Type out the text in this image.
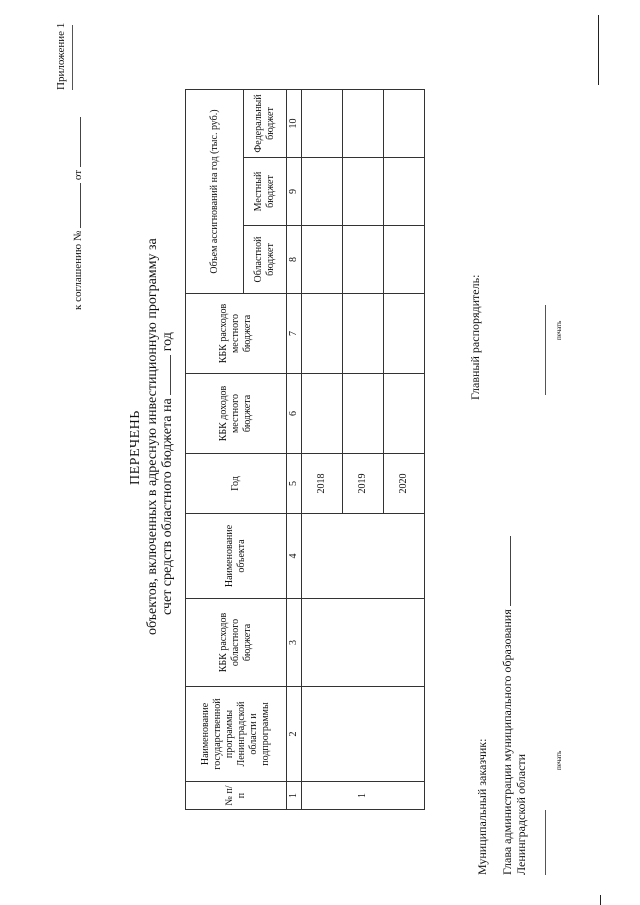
Приложение 1
к соглашению №  от
ПЕРЕЧЕНЬ объектов, включенных в адресную инвестиционную программу за счет средств областного бюджета на  год
№ п/п	Наименование государственной программы Ленинградской области и подпрограммы	КБК расходов областного бюджета	Наименование объекта	Год	КБК доходов местного бюджета	КБК расходов местного бюджета	Объем ассигнований на год (тыс. руб.)		
							Областной бюджет	Местный бюджет	Федеральный бюджет
1	2	3	4	5	6	7	8	9	10
1				2018					
				2019					
				2020					
Муниципальный заказчик: Глава администрации муниципального образования Ленинградской области	печать
Главный распорядитель:	печать
